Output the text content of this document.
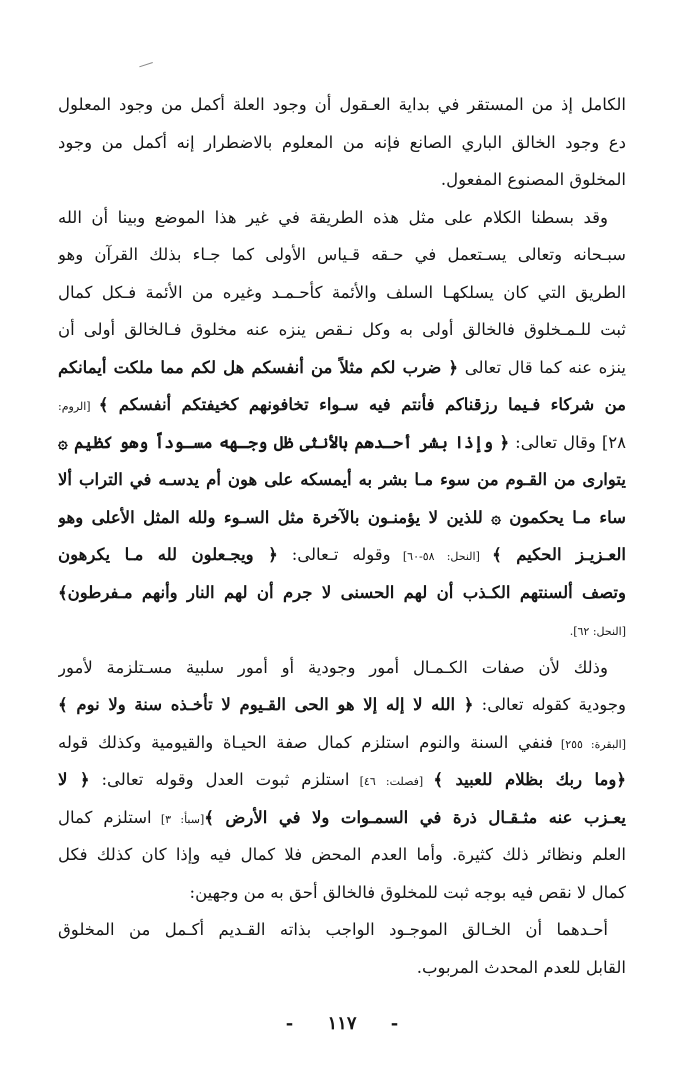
الكامل إذ من المستقر في بداية العـقول أن وجود العلة أكمل من وجود المعلول
دع وجود الخالق الباري الصانع فإنه من المعلوم بالاضطرار إنه أكمل من وجود
المخلوق المصنوع المفعول.
وقد بسطنا الكلام على مثل هذه الطريقة في غير هذا الموضع وبينا أن الله
سبـحانه وتعالى يسـتعمل في حـقه قـياس الأولى كما جـاء بذلك القرآن وهو
الطريق التي كان يسلكهـا السلف والأئمة كأحـمـد وغيره من الأئمة فـكل كمال
ثبت للـمـخلوق فالخالق أولى به وكل نـقص ينزه عنه مخلوق فـالخالق أولى أن
ينزه عنه كما قال تعالى ﴿ ضرب لكم مثلاً من أنفسكم هل لكم مما ملكت أيمانكم
من شركاء فـيما رزقناكم فأنتم فيه سـواء تخافونهم كخيفتكم أنفسكم ﴾ [الروم:
٢٨] وقال تعالى: ﴿ وإذا بشر أحـدهم بالأنثى ظل وجـهه مسـوداً وهو كظيم ۞
يتوارى من القـوم من سوء مـا بشر به أيمسكه على هون أم يدسـه في التراب ألا
ساء مـا يحكمون ۞ للذين لا يؤمنـون بالآخرة مثل السـوء ولله المثل الأعلى وهو
العـزيـز الحكيم ﴾ [النحل: ٥٨-٦٠] وقوله تـعالى: ﴿ ويجـعلون لله مـا يكرهون
وتصف ألسنتهم الكـذب أن لهم الحسنى لا جرم أن لهم النار وأنهم مـفرطون﴾
[النحل: ٦٢].
وذلك لأن صفات الكـمـال أمور وجودية أو أمور سلبية مسـتلزمة لأمور
وجودية كقوله تعالى: ﴿ الله لا إله إلا هو الحى القـيوم لا تأخـذه سنة ولا نوم ﴾
[البقرة: ٢٥٥] فنفي السنة والنوم استلزم كمال صفة الحيـاة والقيومية وكذلك قوله
﴿وما ربك بظلام للعبيد ﴾ [فصلت: ٤٦] استلزم ثبوت العدل وقوله تعالى: ﴿ لا
يعـزب عنه مثـقـال ذرة في السمـوات ولا في الأرض ﴾[سبأ: ٣] استلزم كمال
العلم ونظائر ذلك كثيرة. وأما العدم المحض فلا كمال فيه وإذا كان كذلك فكل
كمال لا نقص فيه بوجه ثبت للمخلوق فالخالق أحق به من وجهين:
أحـدهما أن الخـالق الموجـود الواجب بذاته القـديم أكـمل من المخلوق
القابل للعدم المحدث المربوب.
- ١١٧ -
